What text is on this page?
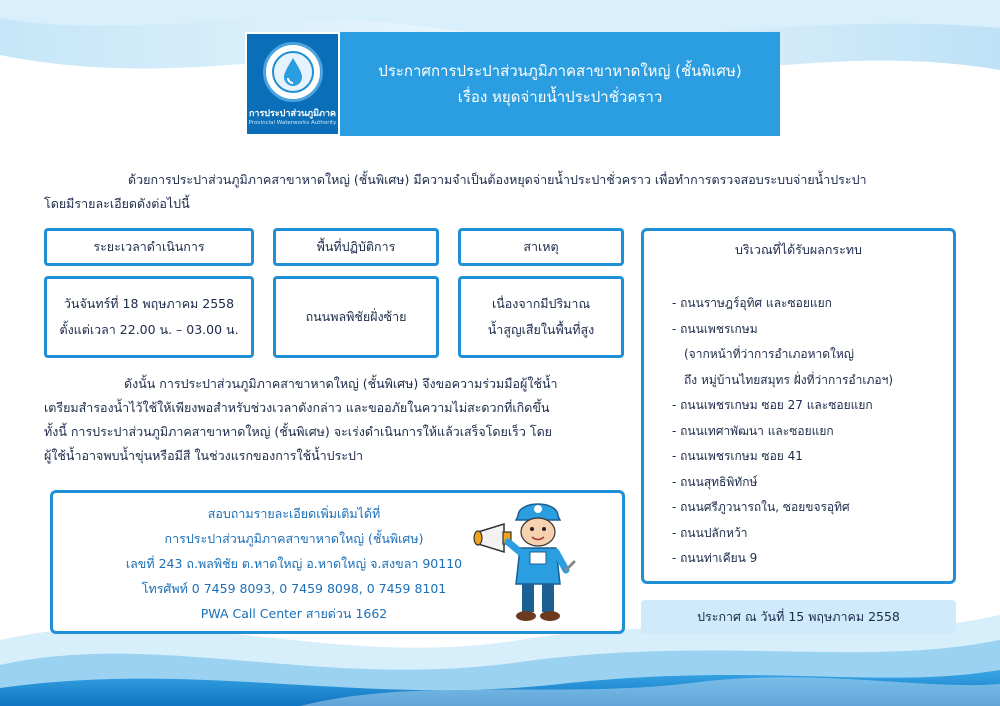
การประปาส่วนภูมิภาค
Provincial Waterworks Authority
ประกาศการประปาส่วนภูมิภาคสาขาหาดใหญ่ (ชั้นพิเศษ)
เรื่อง หยุดจ่ายน้ำประปาชั่วคราว
ด้วยการประปาส่วนภูมิภาคสาขาหาดใหญ่ (ชั้นพิเศษ) มีความจำเป็นต้องหยุดจ่ายน้ำประปาชั่วคราว เพื่อทำการตรวจสอบระบบจ่ายน้ำประปา
โดยมีรายละเอียดดังต่อไปนี้
ระยะเวลาดำเนินการ
วันจันทร์ที่ 18 พฤษภาคม 2558
ตั้งแต่เวลา 22.00 น. – 03.00 น.
พื้นที่ปฏิบัติการ
ถนนพลพิชัยฝั่งซ้าย
สาเหตุ
เนื่องจากมีปริมาณ
น้ำสูญเสียในพื้นที่สูง
บริเวณที่ได้รับผลกระทบ
- ถนนราษฎร์อุทิศ และซอยแยก
- ถนนเพชรเกษม
(จากหน้าที่ว่าการอำเภอหาดใหญ่
ถึง หมู่บ้านไทยสมุทร ฝั่งที่ว่าการอำเภอฯ)
- ถนนเพชรเกษม ซอย 27 และซอยแยก
- ถนนเทศาพัฒนา และซอยแยก
- ถนนเพชรเกษม ซอย 41
- ถนนสุทธิพิทักษ์
- ถนนศรีภูวนารถใน, ซอยขจรอุทิศ
- ถนนปลักหว้า
- ถนนท่าเคียน 9
ดังนั้น การประปาส่วนภูมิภาคสาขาหาดใหญ่ (ชั้นพิเศษ) จึงขอความร่วมมือผู้ใช้น้ำ
เตรียมสำรองน้ำไว้ใช้ให้เพียงพอสำหรับช่วงเวลาดังกล่าว และขออภัยในความไม่สะดวกที่เกิดขึ้น
ทั้งนี้ การประปาส่วนภูมิภาคสาขาหาดใหญ่ (ชั้นพิเศษ) จะเร่งดำเนินการให้แล้วเสร็จโดยเร็ว โดย
ผู้ใช้น้ำอาจพบน้ำขุ่นหรือมีสี ในช่วงแรกของการใช้น้ำประปา
สอบถามรายละเอียดเพิ่มเติมได้ที่
การประปาส่วนภูมิภาคสาขาหาดใหญ่ (ชั้นพิเศษ)
เลขที่ 243 ถ.พลพิชัย ต.หาดใหญ่ อ.หาดใหญ่ จ.สงขลา 90110
โทรศัพท์ 0 7459 8093, 0 7459 8098, 0 7459 8101
PWA Call Center สายด่วน 1662	ประกาศ ณ วันที่ 15 พฤษภาคม 2558
